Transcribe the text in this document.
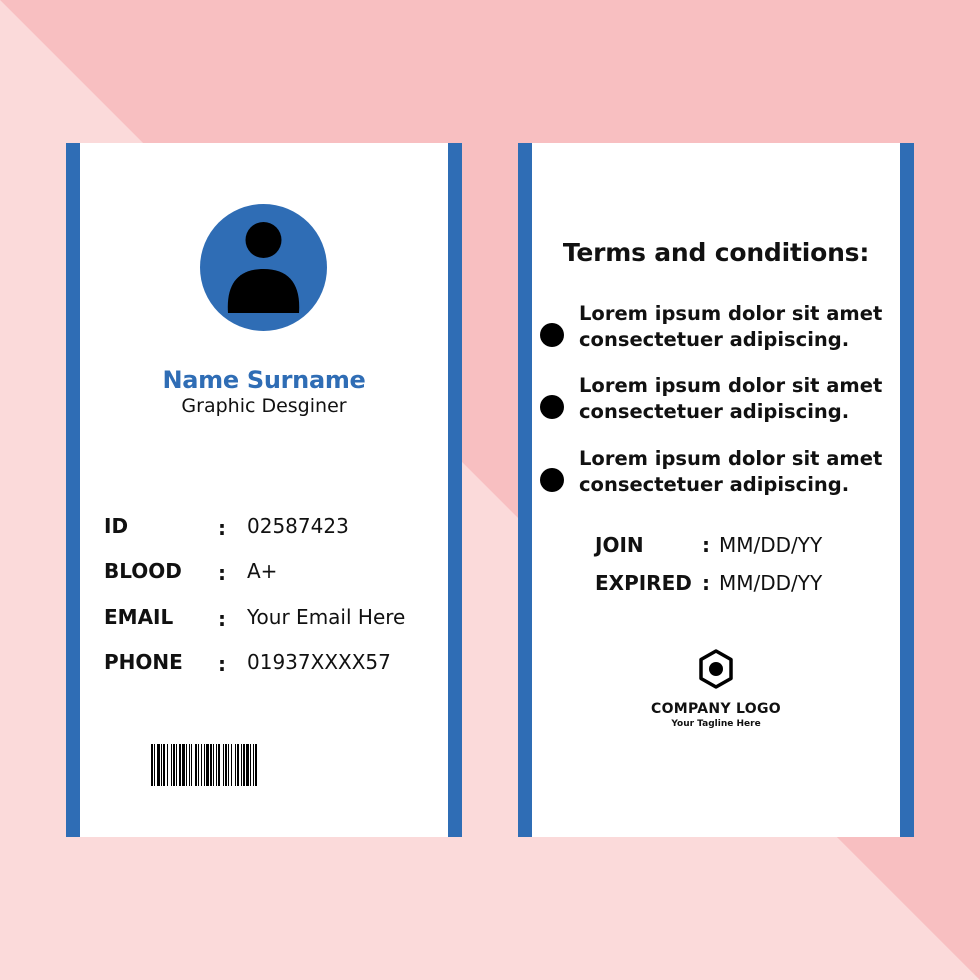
Name Surname
Graphic Desginer
ID	: 02587423
BLOOD : A+
EMAIL : Your Email Here
PHONE : 01937XXXX57
Terms and conditions:
Lorem ipsum dolor sit amet
consectetuer adipiscing.
Lorem ipsum dolor sit amet
consectetuer adipiscing.
Lorem ipsum dolor sit amet
consectetuer adipiscing.
JOIN	: MM/DD/YY
EXPIRED : MM/DD/YY
COMPANY LOGO
Your Tagline Here
